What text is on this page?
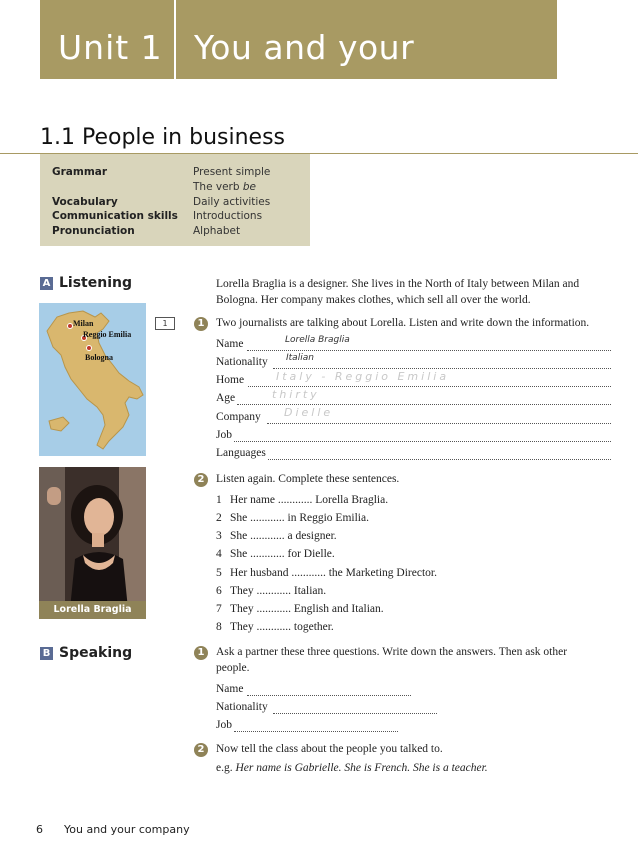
Unit 1 You and your company
1.1 People in business
Grammar	Present simple
The verb be
Vocabulary	Daily activities
Communication skills Introductions
Pronunciation	Alphabet
A Listening
Milan
Reggio Emilia
Bologna
1
Lorella Braglia
Lorella Braglia is a designer. She lives in the North of Italy between Milan and Bologna. Her company makes clothes, which sell all over the world.
1	Two journalists are talking about Lorella. Listen and write down the information.
Name	Lorella Braglia
Nationality Italian
Home	Italy - Reggio Emilia
Age	thirty
Company Dielle
Job
Languages
2	Listen again. Complete these sentences.
1 Her name ............ Lorella Braglia.
2 She ............ in Reggio Emilia.
3 She ............ a designer.
4 She ............ for Dielle.
5 Her husband ............ the Marketing Director.
6 They ............ Italian.
7 They ............ English and Italian.
8 They ............ together.
B Speaking	1	Ask a partner these three questions. Write down the answers. Then ask other
people.
Name
Nationality
Job
2	Now tell the class about the people you talked to.
e.g. Her name is Gabrielle. She is French. She is a teacher.
6 You and your company
